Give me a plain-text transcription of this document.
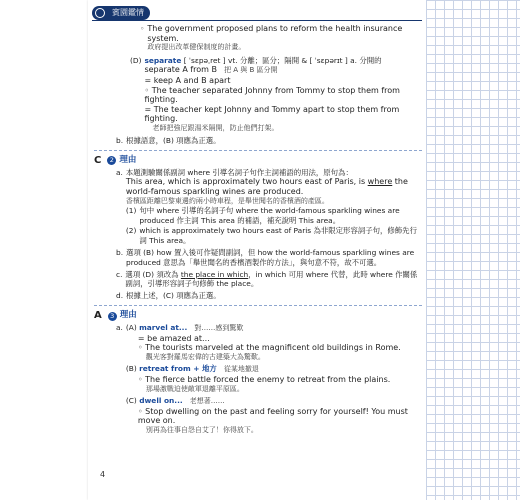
賓園鑑情
◦ The government proposed plans to reform the health insurance system.
政府提出改革健保制度的計畫。
(D) separate [ ˈsɛpəˌret ] vt. 分離；區分；隔開 & [ ˈsɛpərɪt ] a. 分開的
separate A from B 把 A 與 B 區分開
= keep A and B apart
◦ The teacher separated Johnny from Tommy to stop them from fighting.
= The teacher kept Johnny and Tommy apart to stop them from fighting.
老師把強尼跟湯米隔開，防止他們打架。
b. 根據語意，(B) 項應為正選。
C	2 理由
a. 本題測驗關係副詞 where 引導名詞子句作主詞補語的用法，原句為：
This area, which is approximately two hours east of Paris, is where the world-famous sparkling wines are produced.
香檳區距離巴黎東邊約兩小時車程，是舉世聞名的香檳酒的產區。
(1) 句中 where 引導的名詞子句 where the world-famous sparkling wines are produced 作主詞 This area 的補語，補充說明 This area。
(2) which is approximately two hours east of Paris 為非限定形容詞子句，修飾先行詞 This area。
b. 選項 (B) how 置入後可作疑問副詞，但 how the world-famous sparkling wines are produced 意思為「舉世聞名的香檳酒製作的方法」，與句意不符，故不可選。
c. 選項 (D) 須改為 the place in which，in which 可用 where 代替，此時 where 作關係副詞，引導形容詞子句修飾 the place。
d. 根據上述，(C) 項應為正選。
A	3 理由
a. (A) marvel at... 對……感到驚歎
= be amazed at...
◦ The tourists marveled at the magnificent old buildings in Rome.
觀光客對羅馬宏偉的古建築大為驚歎。
(B) retreat from + 地方 從某地撤退
◦ The fierce battle forced the enemy to retreat from the plains.
那場激戰迫使敵軍退離平原區。
(C) dwell on... 老想著……
◦ Stop dwelling on the past and feeling sorry for yourself! You must move on.
別再為往事自怨自艾了！你得放下。
4
